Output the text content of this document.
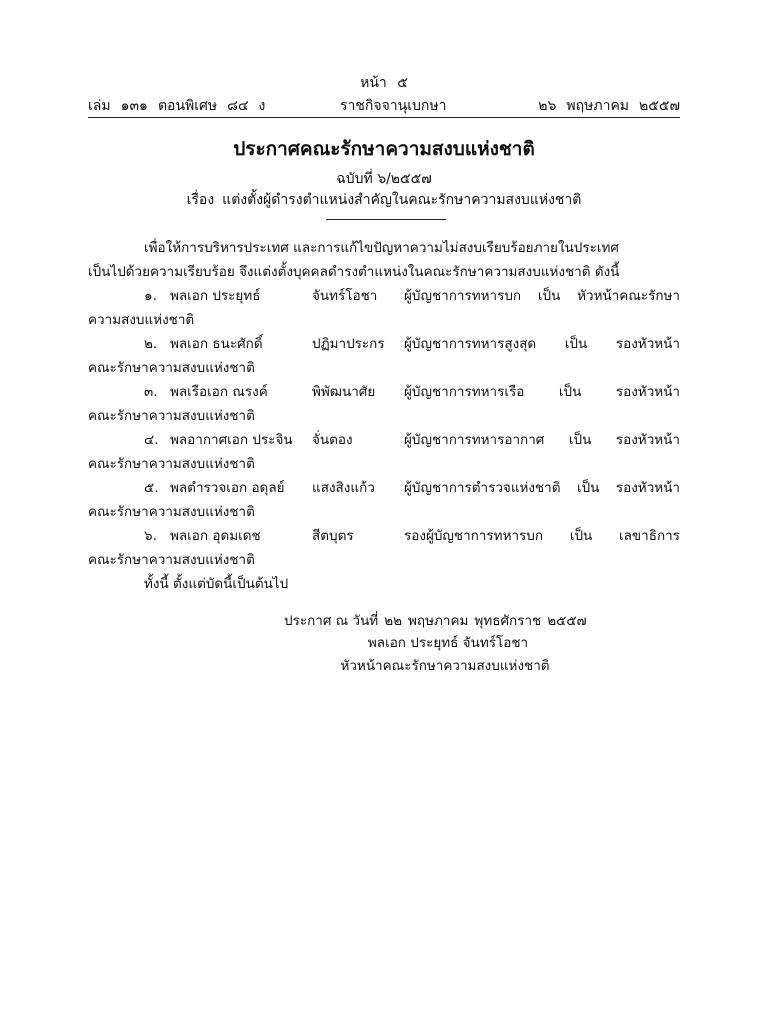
หน้า ๕
เล่ม ๑๓๑ ตอนพิเศษ ๘๔ ง	ราชกิจจานุเบกษา	๒๖ พฤษภาคม ๒๕๕๗
ประกาศคณะรักษาความสงบแห่งชาติ
ฉบับที่ ๖/๒๕๕๗
เรื่อง แต่งตั้งผู้ดำรงตำแหน่งสำคัญในคณะรักษาความสงบแห่งชาติ
เพื่อให้การบริหารประเทศ และการแก้ไขปัญหาความไม่สงบเรียบร้อยภายในประเทศ
เป็นไปด้วยความเรียบร้อย จึงแต่งตั้งบุคคลดำรงตำแหน่งในคณะรักษาความสงบแห่งชาติ ดังนี้
๑. พลเอก ประยุทธ์	จันทร์โอชา ผู้บัญชาการทหารบก เป็น หัวหน้าคณะรักษา
ความสงบแห่งชาติ
๒. พลเอก ธนะศักดิ์	ปฏิมาประกร ผู้บัญชาการทหารสูงสุด เป็น รองหัวหน้า
คณะรักษาความสงบแห่งชาติ
๓. พลเรือเอก ณรงค์	พิพัฒนาศัย ผู้บัญชาการทหารเรือ เป็น รองหัวหน้า
คณะรักษาความสงบแห่งชาติ
๔. พลอากาศเอก ประจิน จั่นตอง	ผู้บัญชาการทหารอากาศ เป็น รองหัวหน้า
คณะรักษาความสงบแห่งชาติ
๕. พลตำรวจเอก อดุลย์ แสงสิงแก้ว ผู้บัญชาการตำรวจแห่งชาติ เป็น รองหัวหน้า
คณะรักษาความสงบแห่งชาติ
๖. พลเอก อุดมเดช	สีตบุตร	รองผู้บัญชาการทหารบก เป็น เลขาธิการ
คณะรักษาความสงบแห่งชาติ
ทั้งนี้ ตั้งแต่บัดนี้เป็นต้นไป
ประกาศ ณ วันที่ ๒๒ พฤษภาคม พุทธศักราช ๒๕๕๗
พลเอก ประยุทธ์ จันทร์โอชา
หัวหน้าคณะรักษาความสงบแห่งชาติ
